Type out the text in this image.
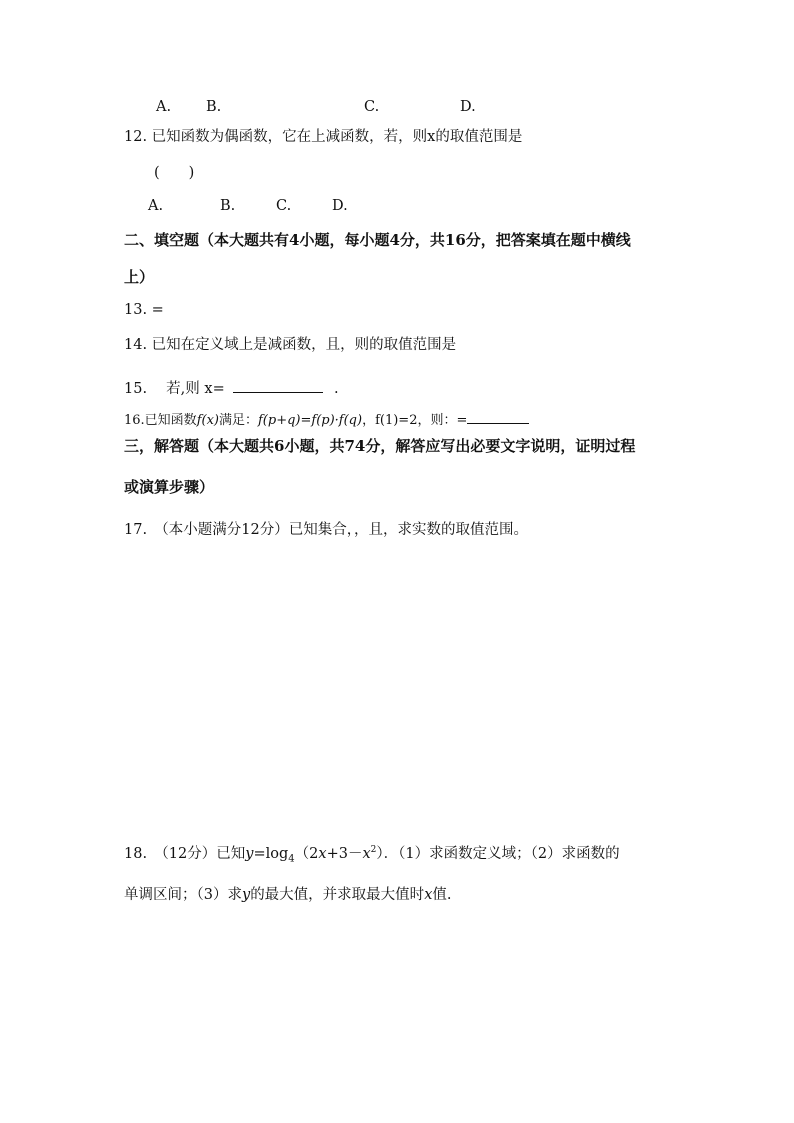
A. B.	C.	D.
12. 已知函数为偶函数，它在上减函数，若，则x的取值范围是
(　　)
A.	B.	C.	D.
二、填空题（本大题共有4小题，每小题4分，共16分，把答案填在题中横线
上）
13. =
14. 已知在定义域上是减函数，且，则的取值范围是
15.　 若,则 x=	.
16.已知函数f(x)满足：f(p+q)=f(p)·f(q)，f(1)=2，则：=
三，解答题（本大题共6小题，共74分，解答应写出必要文字说明，证明过程
或演算步骤）
17.　（本小题满分12分）已知集合，，且，求实数的取值范围。
18.　（12分）已知$y=\log_4(2x+3-x^2)$．（1）求函数定义域；（2）求函数的
单调区间；（3）求y的最大值，并求取最大值时x值.
